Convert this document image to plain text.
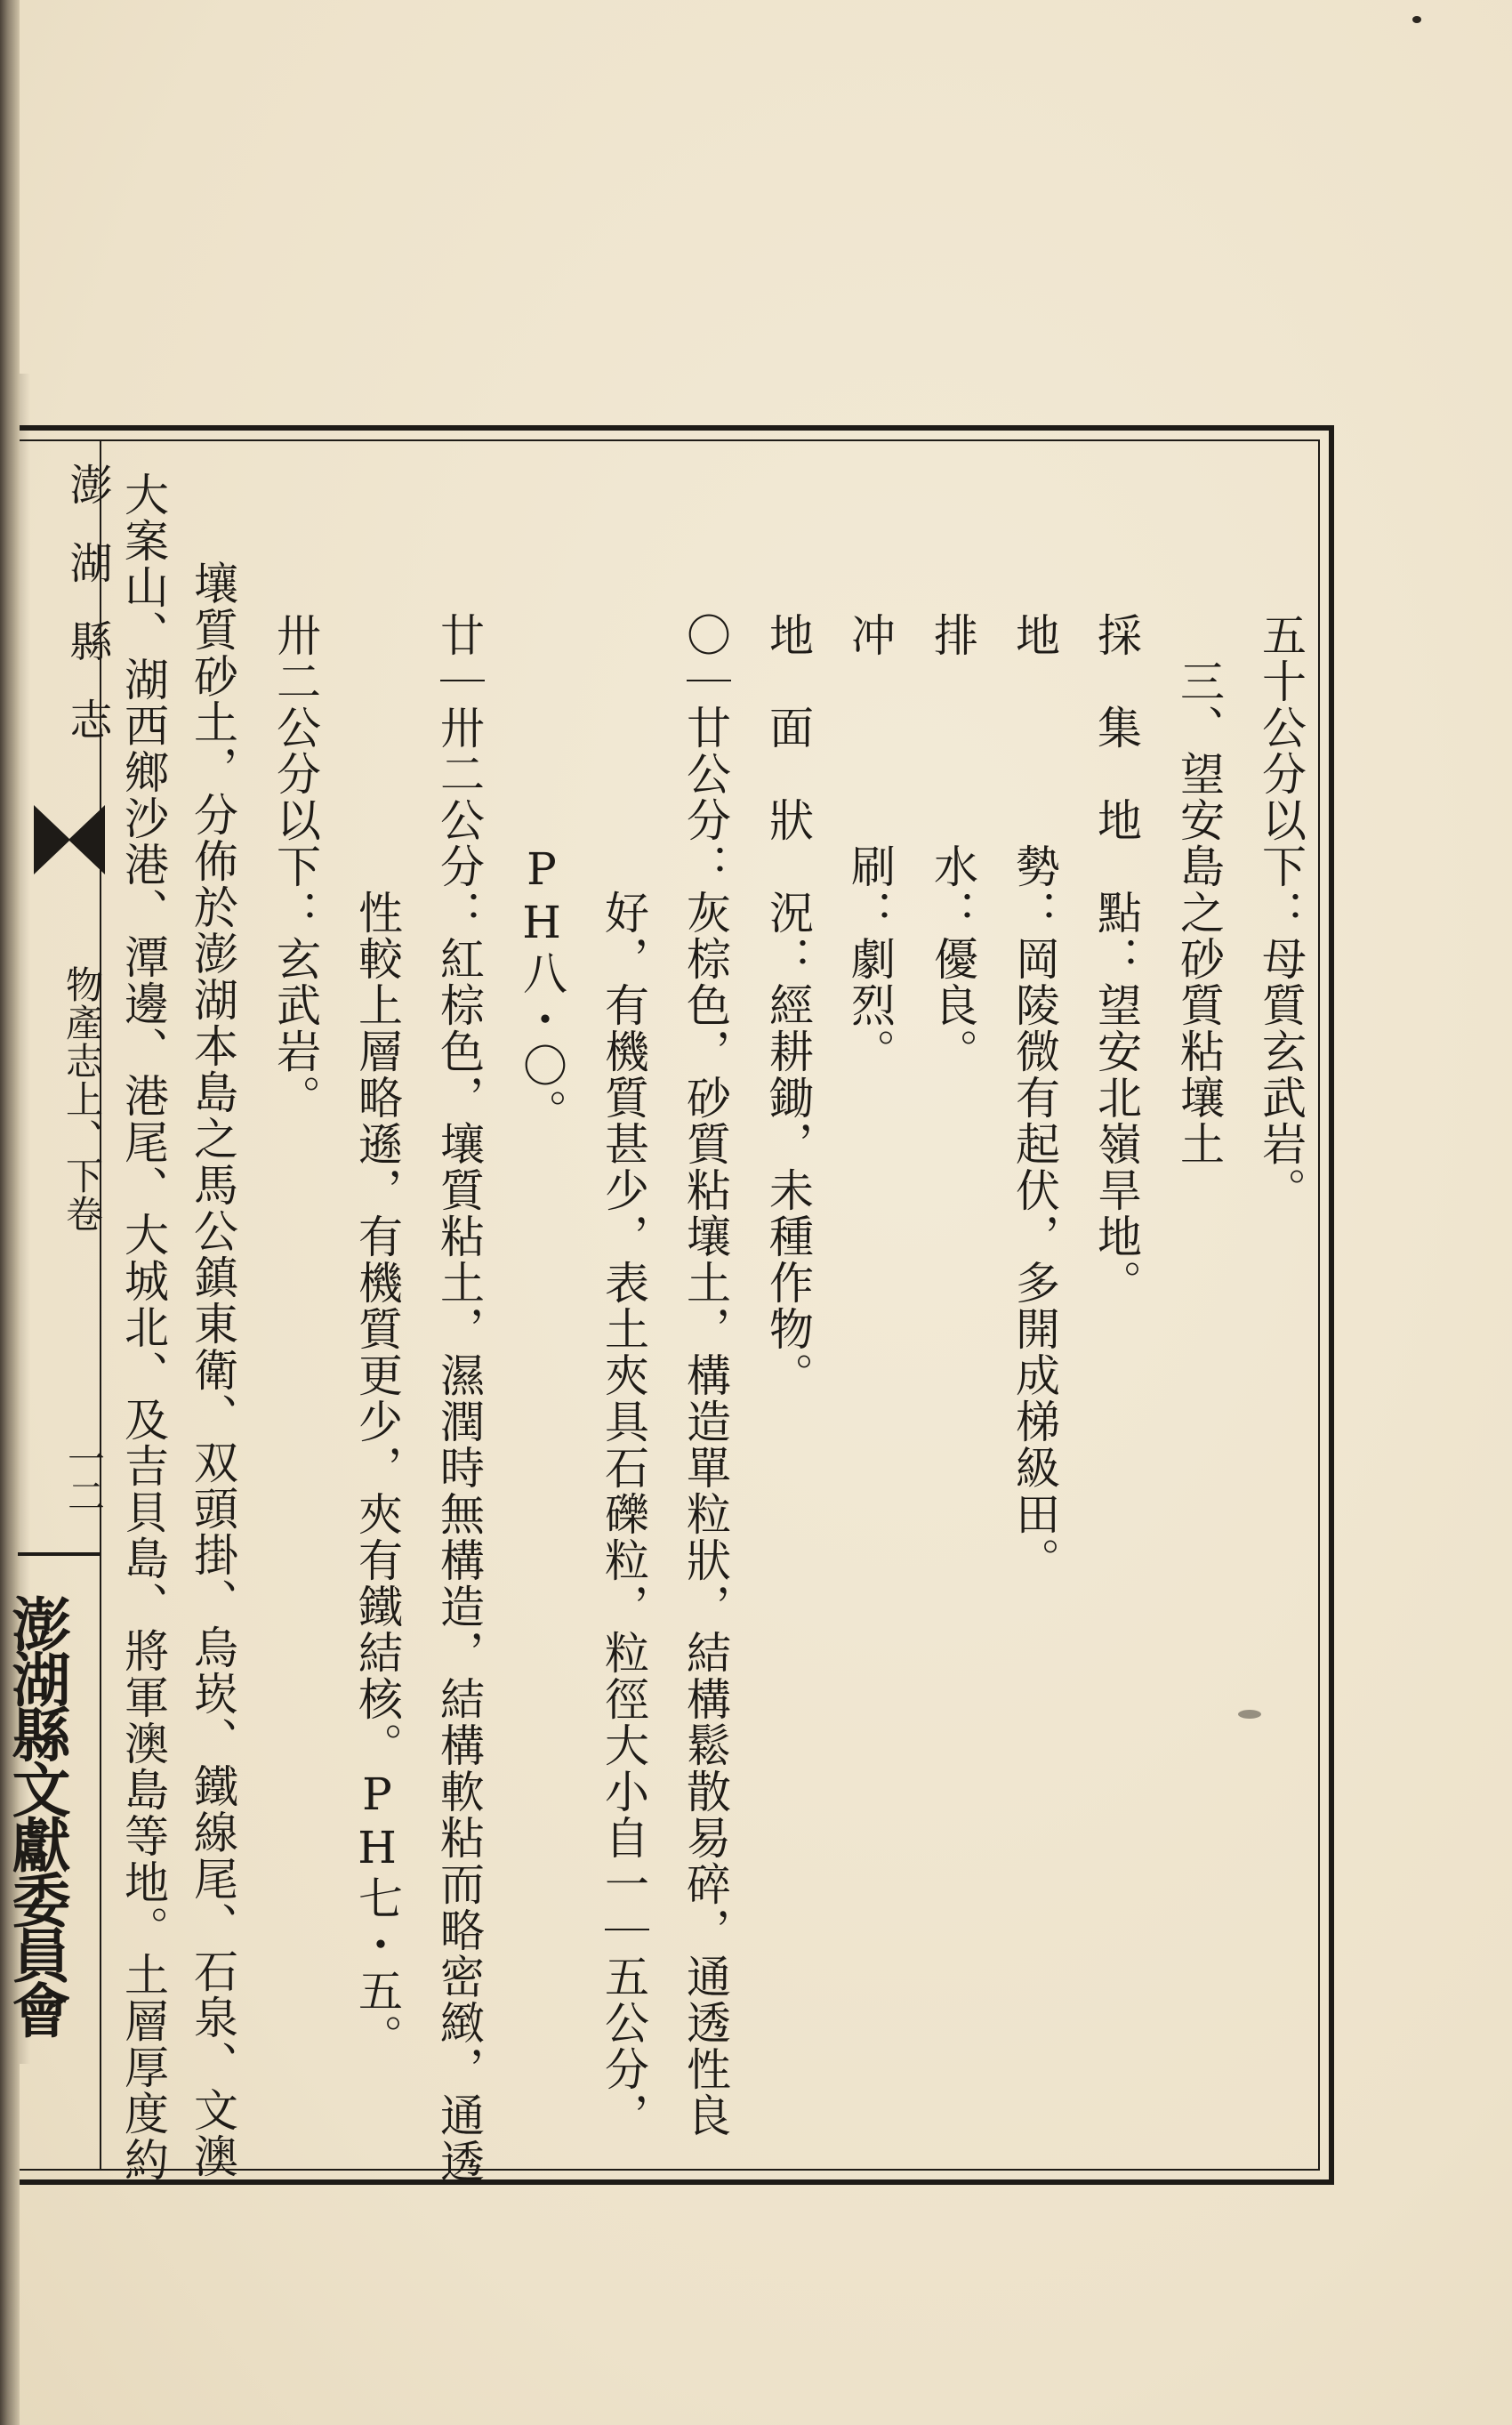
澎湖縣志
物產志上、下卷
一二
澎湖縣文獻委員會
五十公分以下：母質玄武岩。
　三、望安島之砂質粘壤土
採　集　地　點：望安北嶺旱地。
地　　　　勢：岡陵微有起伏，多開成梯級田。
排　　　　水：優良。
冲　　　　刷：劇烈。
地　面　狀　況：經耕鋤，未種作物。
〇｜廿公分：灰棕色，砂質粘壤土，構造單粒狀，結構鬆散易碎，通透性良
　　　　　　好，有機質甚少，表土夾具石礫粒，粒徑大小自一｜五公分，
　　　　　PH八・〇。
廿｜卅二公分：紅棕色，壤質粘土，濕潤時無構造，結構軟粘而略密緻，通透
　　　　　　性較上層略遜，有機質更少，夾有鐵結核。PH七・五。
卅二公分以下：玄武岩。
壤質砂土，分佈於澎湖本島之馬公鎮東衛、双頭掛、烏崁、鐵線尾、石泉、文澳
大案山、湖西鄉沙港、潭邊、港尾、大城北、及吉貝島、將軍澳島等地。土層厚度約
